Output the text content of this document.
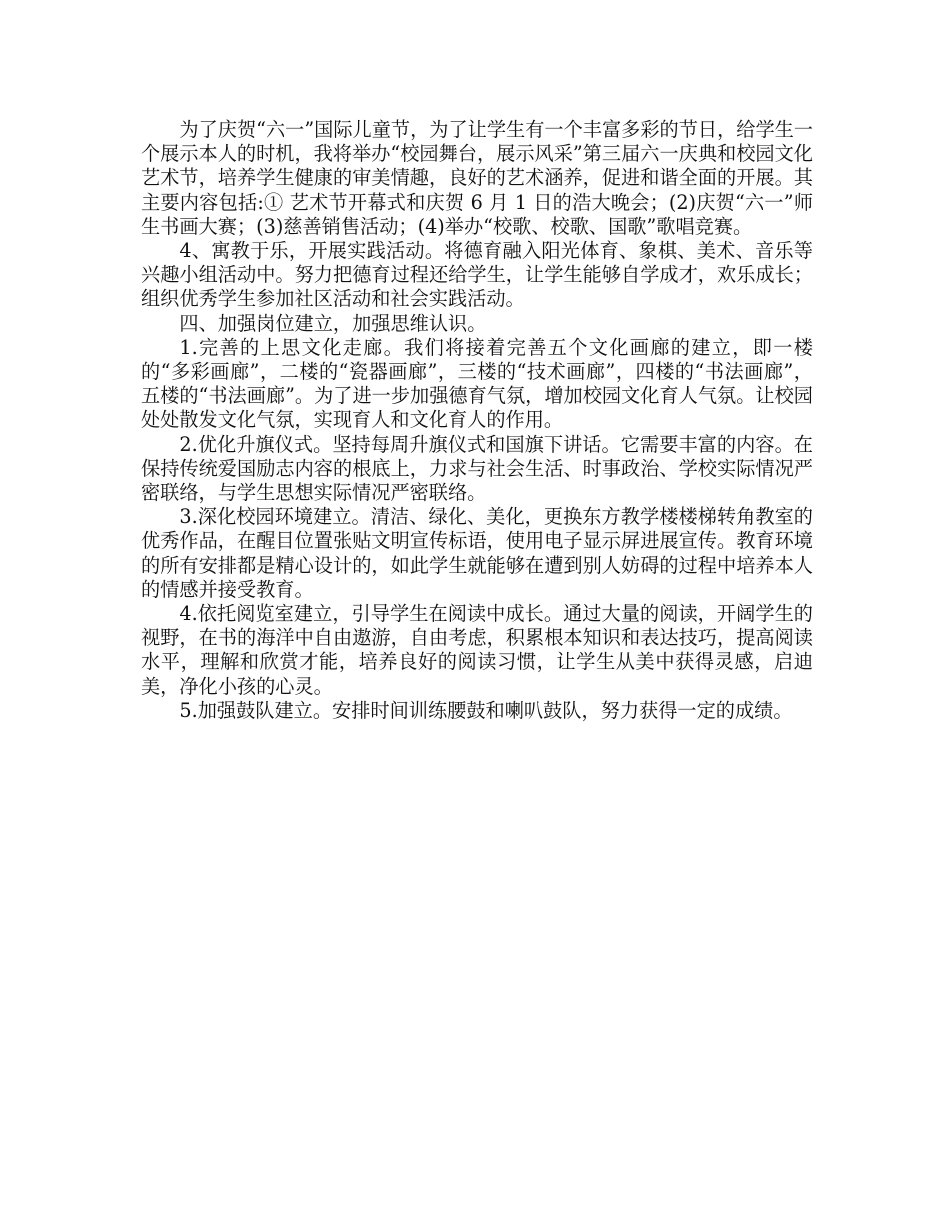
为了庆贺“六一”国际儿童节，为了让学生有一个丰富多彩的节日，给学生一个展示本人的时机，我将举办“校园舞台，展示风采”第三届六一庆典和校园文化艺术节，培养学生健康的审美情趣，良好的艺术涵养，促进和谐全面的开展。其主要内容包括:① 艺术节开幕式和庆贺 6 月 1 日的浩大晚会；(2)庆贺“六一”师生书画大赛；(3)慈善销售活动；(4)举办“校歌、校歌、国歌”歌唱竞赛。

4、寓教于乐，开展实践活动。将德育融入阳光体育、象棋、美术、音乐等兴趣小组活动中。努力把德育过程还给学生，让学生能够自学成才，欢乐成长；组织优秀学生参加社区活动和社会实践活动。

四、加强岗位建立，加强思维认识。

1.完善的上思文化走廊。我们将接着完善五个文化画廊的建立，即一楼的“多彩画廊”，二楼的“瓷器画廊”，三楼的“技术画廊”，四楼的“书法画廊”，五楼的“书法画廊”。为了进一步加强德育气氛，增加校园文化育人气氛。让校园处处散发文化气氛，实现育人和文化育人的作用。

2.优化升旗仪式。坚持每周升旗仪式和国旗下讲话。它需要丰富的内容。在保持传统爱国励志内容的根底上，力求与社会生活、时事政治、学校实际情况严密联络，与学生思想实际情况严密联络。

3.深化校园环境建立。清洁、绿化、美化，更换东方教学楼楼梯转角教室的优秀作品，在醒目位置张贴文明宣传标语，使用电子显示屏进展宣传。教育环境的所有安排都是精心设计的，如此学生就能够在遭到别人妨碍的过程中培养本人的情感并接受教育。

4.依托阅览室建立，引导学生在阅读中成长。通过大量的阅读，开阔学生的视野，在书的海洋中自由遨游，自由考虑，积累根本知识和表达技巧，提高阅读水平，理解和欣赏才能，培养良好的阅读习惯，让学生从美中获得灵感，启迪美，净化小孩的心灵。

5.加强鼓队建立。安排时间训练腰鼓和喇叭鼓队，努力获得一定的成绩。
